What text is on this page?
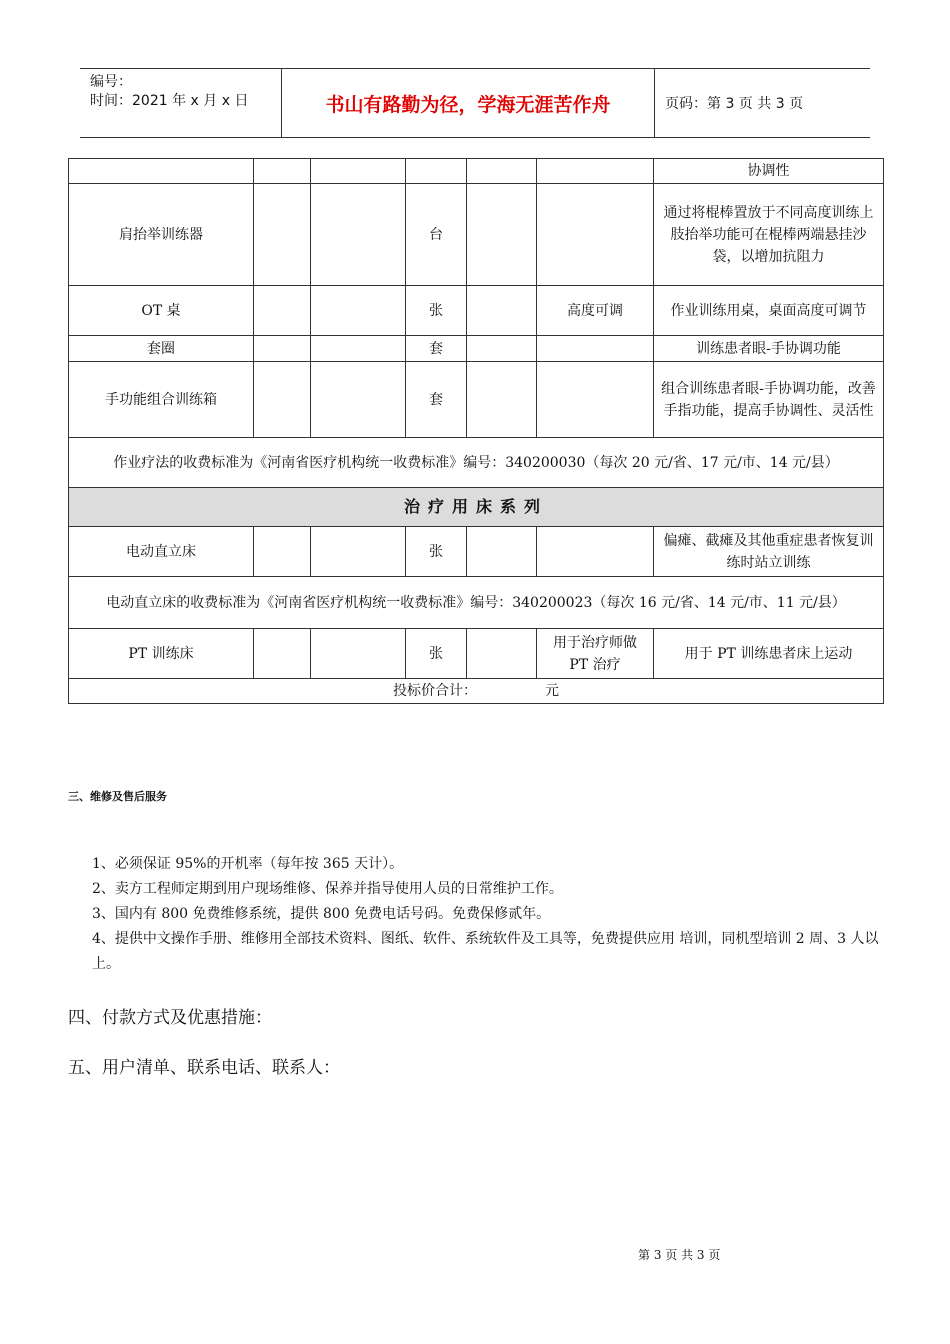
编号：
时间：2021 年 x 月 x 日	书山有路勤为径，学海无涯苦作舟	页码：第 3 页 共 3 页
						协调性
肩抬举训练器			台			通过将棍棒置放于不同高度训练上肢抬举功能可在棍棒两端悬挂沙袋，以增加抗阻力
OT 桌			张		高度可调	作业训练用桌，桌面高度可调节
套圈			套			训练患者眼-手协调功能
手功能组合训练箱			套			组合训练患者眼-手协调功能，改善手指功能，提高手协调性、灵活性
作业疗法的收费标准为《河南省医疗机构统一收费标准》编号：340200030（每次 20 元/省、17 元/市、14 元/县）						
治疗用床系列						
电动直立床			张			偏瘫、截瘫及其他重症患者恢复训练时站立训练
电动直立床的收费标准为《河南省医疗机构统一收费标准》编号：340200023（每次 16 元/省、14 元/市、11 元/县）						
PT 训练床			张		用于治疗师做 PT 治疗	用于 PT 训练患者床上运动
投标价合计： 元						
三、维修及售后服务
1、必须保证 95%的开机率（每年按 365 天计）。
2、卖方工程师定期到用户现场维修、保养并指导使用人员的日常维护工作。
3、国内有 800 免费维修系统，提供 800 免费电话号码。免费保修贰年。
4、提供中文操作手册、维修用全部技术资料、图纸、软件、系统软件及工具等，免费提供应用 培训，同机型培训 2 周、3 人以上。
四、付款方式及优惠措施：
五、用户清单、联系电话、联系人：
第 3 页 共 3 页
